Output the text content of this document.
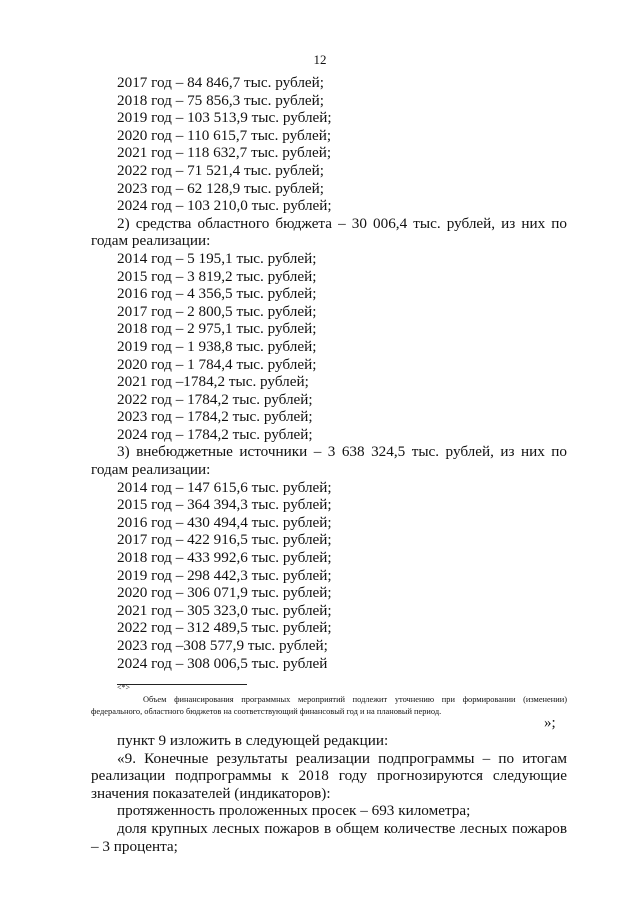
12
2017 год – 84 846,7 тыс. рублей;
2018 год – 75 856,3 тыс. рублей;
2019 год – 103 513,9 тыс. рублей;
2020 год – 110 615,7 тыс. рублей;
2021 год – 118 632,7 тыс. рублей;
2022 год – 71 521,4 тыс. рублей;
2023 год – 62 128,9 тыс. рублей;
2024 год – 103 210,0 тыс. рублей;
2) средства областного бюджета – 30 006,4 тыс. рублей, из них по
годам реализации:
2014 год – 5 195,1 тыс. рублей;
2015 год – 3 819,2 тыс. рублей;
2016 год – 4 356,5 тыс. рублей;
2017 год – 2 800,5 тыс. рублей;
2018 год – 2 975,1 тыс. рублей;
2019 год – 1 938,8 тыс. рублей;
2020 год – 1 784,4 тыс. рублей;
2021 год –1784,2 тыс. рублей;
2022 год – 1784,2 тыс. рублей;
2023 год – 1784,2 тыс. рублей;
2024 год – 1784,2 тыс. рублей;
3) внебюджетные источники – 3 638 324,5 тыс. рублей, из них по
годам реализации:
2014 год – 147 615,6 тыс. рублей;
2015 год – 364 394,3 тыс. рублей;
2016 год – 430 494,4 тыс. рублей;
2017 год – 422 916,5 тыс. рублей;
2018 год – 433 992,6 тыс. рублей;
2019 год – 298 442,3 тыс. рублей;
2020 год – 306 071,9 тыс. рублей;
2021 год – 305 323,0 тыс. рублей;
2022 год – 312 489,5 тыс. рублей;
2023 год –308 577,9 тыс. рублей;
2024 год – 308 006,5 тыс. рублей
<*>
Объем финансирования программных мероприятий подлежит уточнению при формировании (изменении) федерального, областного бюджетов на соответствующий финансовый год и на плановый период.
»;
пункт 9 изложить в следующей редакции:
«9. Конечные результаты реализации подпрограммы – по итогам реализации подпрограммы к 2018 году прогнозируются следующие значения показателей (индикаторов):
протяженность проложенных просек – 693 километра;
доля крупных лесных пожаров в общем количестве лесных пожаров – 3 процента;
